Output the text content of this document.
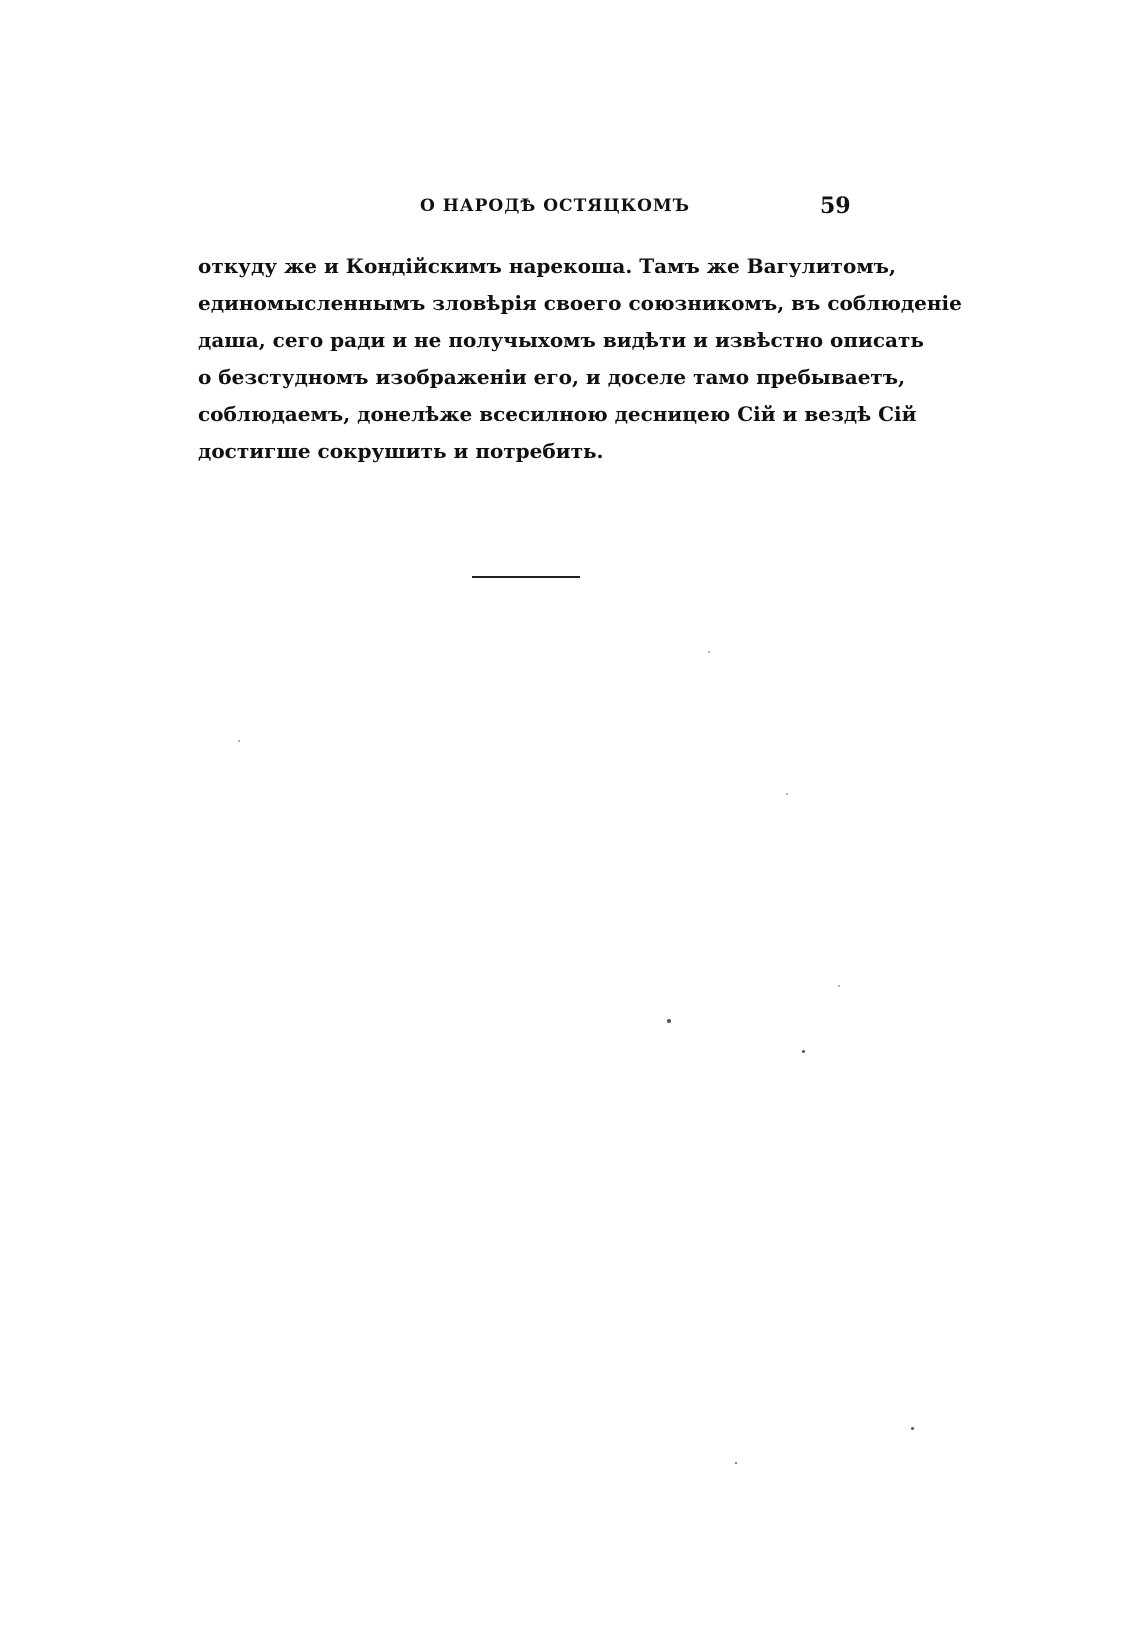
О НАРОДѢ ОСТЯЦКОМЪ	59
откуду же и Кондійскимъ нарекоша. Тамъ же Вагулитомъ,
единомысленнымъ зловѣрія своего союзникомъ, въ соблюденіе
даша, сего ради и не получыхомъ видѣти и извѣстно описать
о безстудномъ изображеніи его, и доселе тамо пребываетъ,
соблюдаемъ, донелѣже всесилною десницею Сій и вездѣ Сій
достигше сокрушить и потребить.
